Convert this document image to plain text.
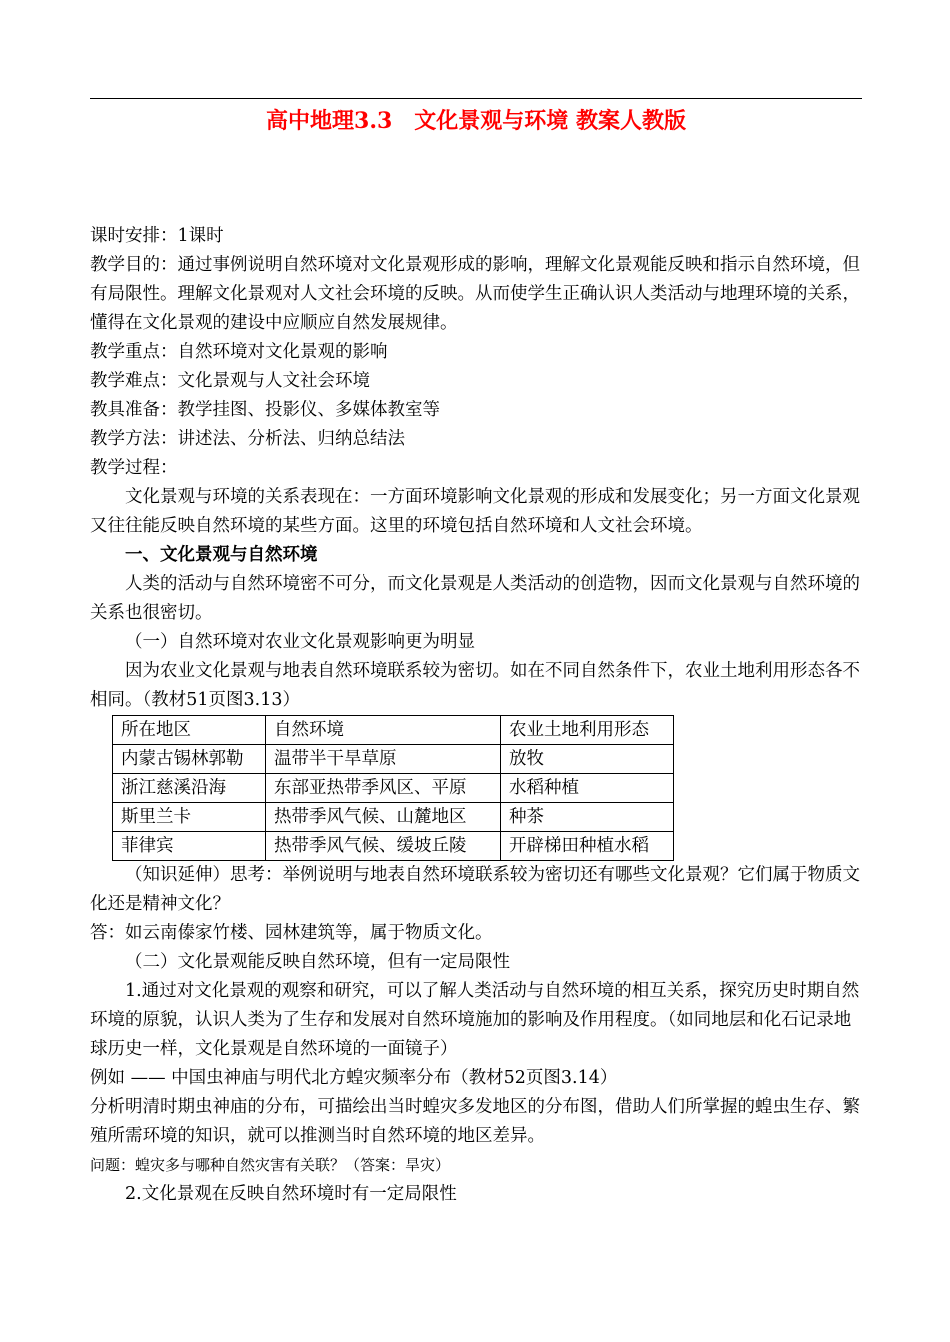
高中地理3.3　文化景观与环境 教案人教版

课时安排：1课时

教学目的：通过事例说明自然环境对文化景观形成的影响，理解文化景观能反映和指示自然环境，但有局限性。理解文化景观对人文社会环境的反映。从而使学生正确认识人类活动与地理环境的关系，懂得在文化景观的建设中应顺应自然发展规律。

教学重点：自然环境对文化景观的影响

教学难点：文化景观与人文社会环境

教具准备：教学挂图、投影仪、多媒体教室等

教学方法：讲述法、分析法、归纳总结法

教学过程：

文化景观与环境的关系表现在：一方面环境影响文化景观的形成和发展变化；另一方面文化景观又往往能反映自然环境的某些方面。这里的环境包括自然环境和人文社会环境。

一、文化景观与自然环境

人类的活动与自然环境密不可分，而文化景观是人类活动的创造物，因而文化景观与自然环境的关系也很密切。

（一）自然环境对农业文化景观影响更为明显

因为农业文化景观与地表自然环境联系较为密切。如在不同自然条件下，农业土地利用形态各不相同。（教材51页图3.13）

所在地区	自然环境	农业土地利用形态
内蒙古锡林郭勒	温带半干旱草原	放牧
浙江慈溪沿海	东部亚热带季风区、平原	水稻种植
斯里兰卡	热带季风气候、山麓地区	种茶
菲律宾	热带季风气候、缓坡丘陵	开辟梯田种植水稻

（知识延伸）思考：举例说明与地表自然环境联系较为密切还有哪些文化景观？它们属于物质文化还是精神文化？

答：如云南傣家竹楼、园林建筑等，属于物质文化。

（二）文化景观能反映自然环境，但有一定局限性

1.通过对文化景观的观察和研究，可以了解人类活动与自然环境的相互关系，探究历史时期自然环境的原貌，认识人类为了生存和发展对自然环境施加的影响及作用程度。（如同地层和化石记录地球历史一样，文化景观是自然环境的一面镜子）

例如 —— 中国虫神庙与明代北方蝗灾频率分布（教材52页图3.14）

分析明清时期虫神庙的分布，可描绘出当时蝗灾多发地区的分布图，借助人们所掌握的蝗虫生存、繁殖所需环境的知识，就可以推测当时自然环境的地区差异。

问题：蝗灾多与哪种自然灾害有关联？（答案：旱灾）

2.文化景观在反映自然环境时有一定局限性
